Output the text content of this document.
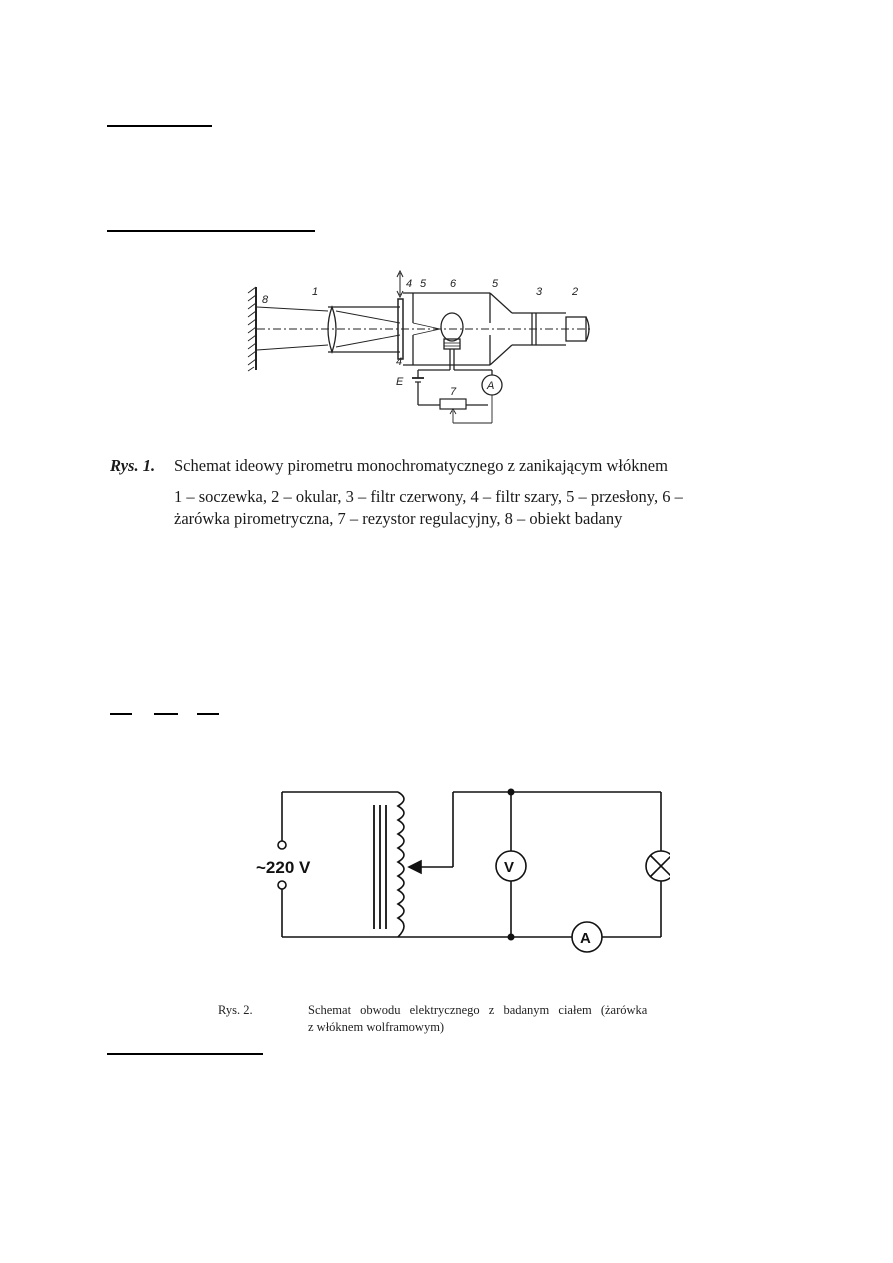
8
1
4
4
5 6	5
3	2
E
7	A
Rys. 1. Schemat ideowy pirometru monochromatycznego z zanikającym włóknem
1 – soczewka, 2 – okular, 3 – filtr czerwony, 4 – filtr szary, 5 – przesłony, 6 –
żarówka pirometryczna, 7 – rezystor regulacyjny, 8 – obiekt badany
~220 V	V
A
Rys. 2.	Schemat obwodu elektrycznego z badanym ciałem (żarówka
z włóknem wolframowym)
